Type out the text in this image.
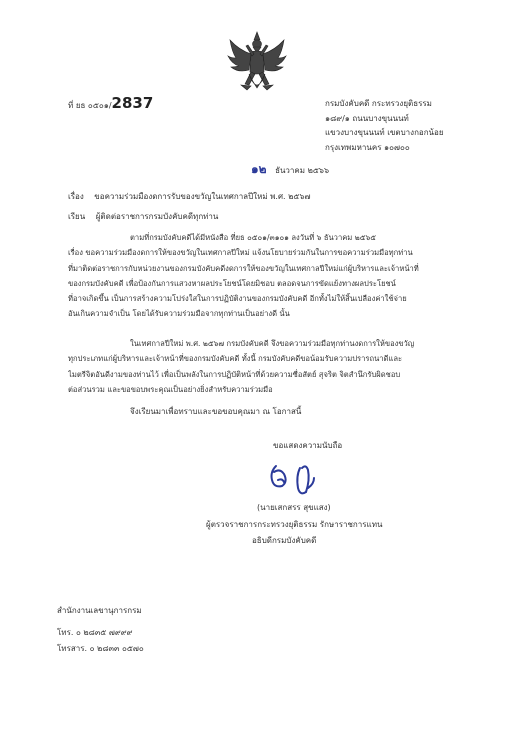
ที่ ยธ ๐๕๐๑/2837	กรมบังคับคดี กระทรวงยุติธรรม
๑๘๙/๑ ถนนบางขุนนนท์
แขวงบางขุนนนท์ เขตบางกอกน้อย
กรุงเทพมหานคร ๑๐๗๐๐
๑๒ ธันวาคม ๒๕๖๖
เรื่อง ขอความร่วมมืองดการรับของขวัญในเทศกาลปีใหม่ พ.ศ. ๒๕๖๗
เรียน ผู้ติดต่อราชการกรมบังคับคดีทุกท่าน
ตามที่กรมบังคับคดีได้มีหนังสือ ที่ยธ ๐๕๐๑/๓๑๐๑ ลงวันที่ ๖ ธันวาคม ๒๕๖๕
เรื่อง ขอความร่วมมืองดการให้ของขวัญในเทศกาลปีใหม่ แจ้งนโยบายร่วมกันในการขอความร่วมมือทุกท่าน
ที่มาติดต่อราชการกับหน่วยงานของกรมบังคับคดีงดการให้ของขวัญในเทศกาลปีใหม่แก่ผู้บริหารและเจ้าหน้าที่
ของกรมบังคับคดี เพื่อป้องกันการแสวงหาผลประโยชน์โดยมิชอบ ตลอดจนการขัดแย้งทางผลประโยชน์
ที่อาจเกิดขึ้น เป็นการสร้างความโปร่งใสในการปฏิบัติงานของกรมบังคับคดี อีกทั้งไม่ให้สิ้นเปลืองค่าใช้จ่าย
อันเกินความจำเป็น โดยได้รับความร่วมมือจากทุกท่านเป็นอย่างดี นั้น
ในเทศกาลปีใหม่ พ.ศ. ๒๕๖๗ กรมบังคับคดี จึงขอความร่วมมือทุกท่านงดการให้ของขวัญ
ทุกประเภทแก่ผู้บริหารและเจ้าหน้าที่ของกรมบังคับคดี ทั้งนี้ กรมบังคับคดีขอน้อมรับความปรารถนาดีและ
ไมตรีจิตอันดีงามของท่านไว้ เพื่อเป็นพลังในการปฏิบัติหน้าที่ด้วยความซื่อสัตย์ สุจริต จิตสำนึกรับผิดชอบ
ต่อส่วนรวม และขอขอบพระคุณเป็นอย่างยิ่งสำหรับความร่วมมือ
จึงเรียนมาเพื่อทราบและขอขอบคุณมา ณ โอกาสนี้
ขอแสดงความนับถือ
(นายเสกสรร สุขแสง)
ผู้ตรวจราชการกระทรวงยุติธรรม รักษาราชการแทน
อธิบดีกรมบังคับคดี
สำนักงานเลขานุการกรม
โทร. ๐ ๒๘๓๕ ๗๙๙๙
โทรสาร. ๐ ๒๘๓๓ ๐๕๗๐
